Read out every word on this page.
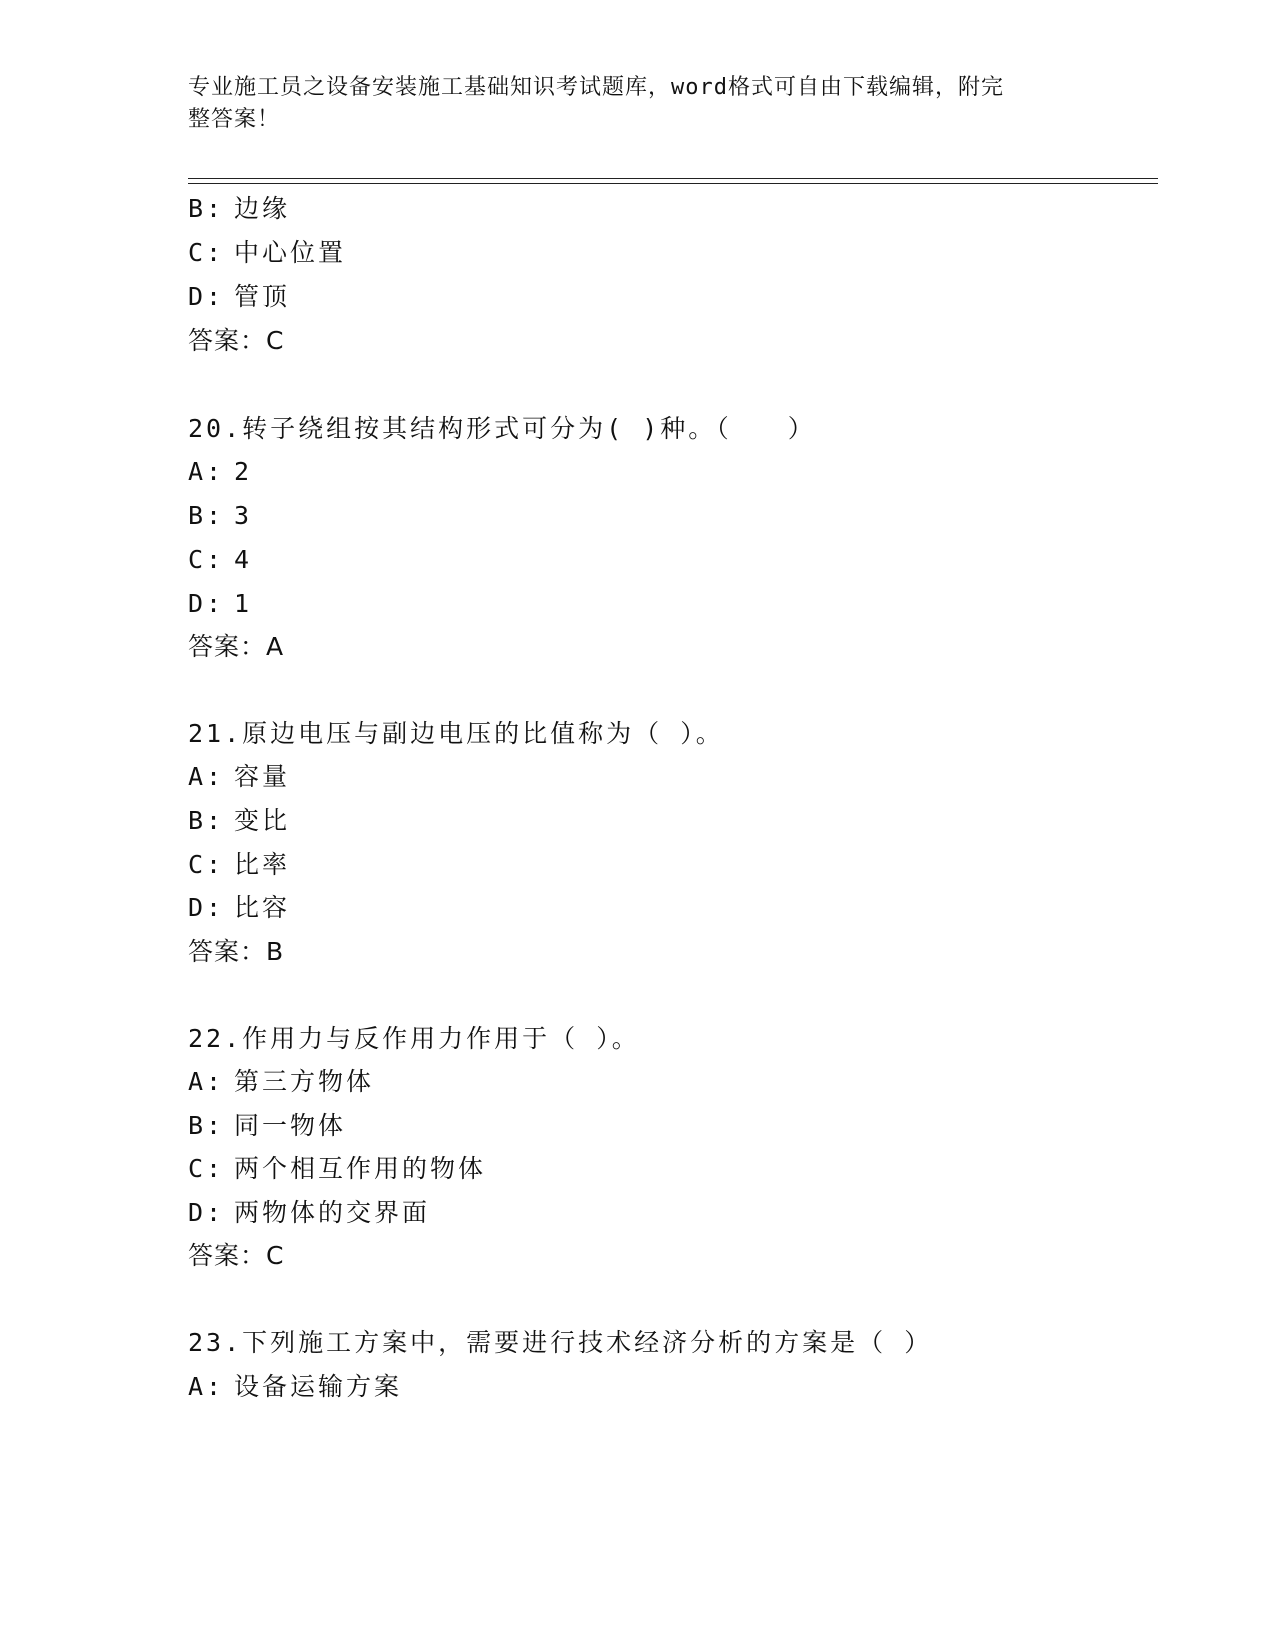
专业施工员之设备安装施工基础知识考试题库，word格式可自由下载编辑，附完
整答案！
B: 边缘
C: 中心位置
D: 管顶
答案：C
20.转子绕组按其结构形式可分为( )种。（　　）
A: 2
B: 3
C: 4
D: 1
答案：A
21.原边电压与副边电压的比值称为（ ）。
A: 容量
B: 变比
C: 比率
D: 比容
答案：B
22.作用力与反作用力作用于（ ）。
A: 第三方物体
B: 同一物体
C: 两个相互作用的物体
D: 两物体的交界面
答案：C
23.下列施工方案中，需要进行技术经济分析的方案是（ ）
A: 设备运输方案
